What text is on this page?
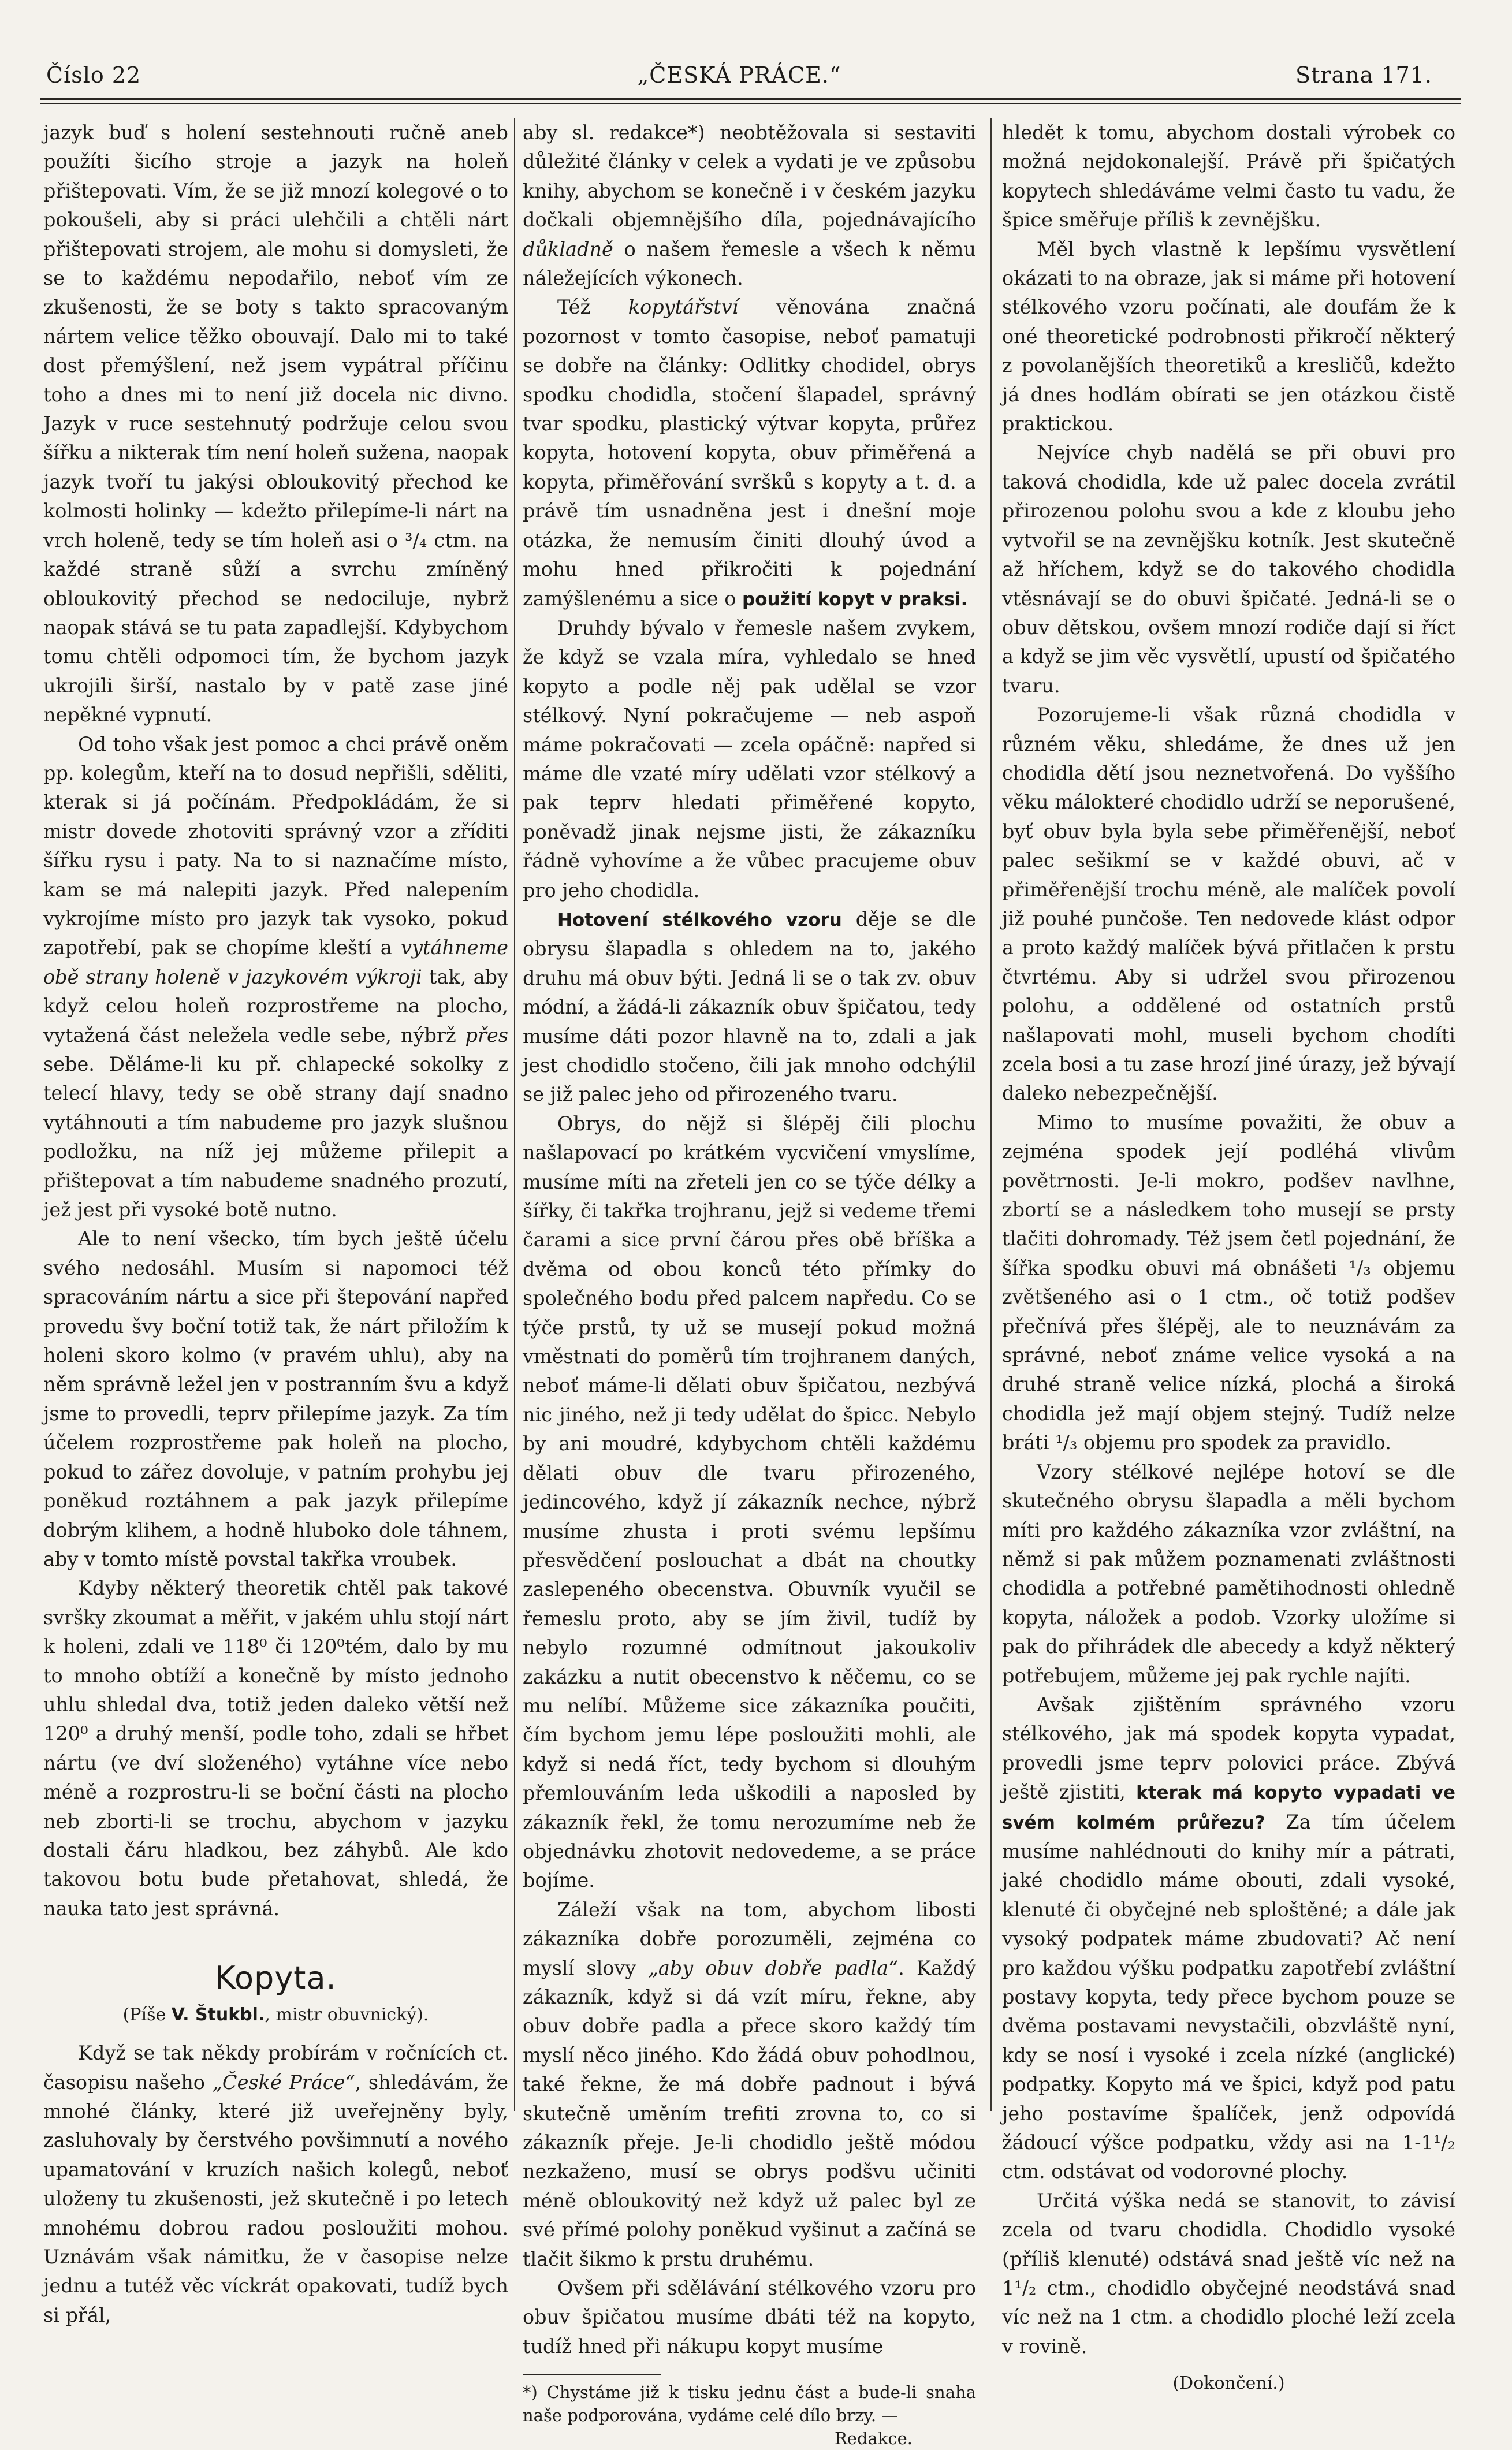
Číslo 22	„ČESKÁ PRÁCE.“	Strana 171.

jazyk buď s holení sestehnouti ručně aneb použíti šicího stroje a jazyk na holeň přištepovati. Vím, že se již mnozí kolegové o to pokoušeli, aby si práci ulehčili a chtěli nárt přištepovati strojem, ale mohu si domysleti, že se to každému nepodařilo, neboť vím ze zkušenosti, že se boty s takto spracovaným nártem velice těžko obouvají. Dalo mi to také dost přemýšlení, než jsem vypátral příčinu toho a dnes mi to není již docela nic divno. Jazyk v ruce sestehnutý podržuje celou svou šířku a nikterak tím není holeň sužena, naopak jazyk tvoří tu jakýsi obloukovitý přechod ke kolmosti holinky — kdežto přilepíme-li nárt na vrch holeně, tedy se tím holeň asi o ³/₄ ctm. na každé straně sůží a svrchu zmíněný obloukovitý přechod se nedociluje, nybrž naopak stává se tu pata zapadlejší. Kdybychom tomu chtěli odpomoci tím, že bychom jazyk ukrojili širší, nastalo by v patě zase jiné nepěkné vypnutí.

Od toho však jest pomoc a chci právě oněm pp. kolegům, kteří na to dosud nepřišli, sděliti, kterak si já počínám. Předpokládám, že si mistr dovede zhotoviti správný vzor a zříditi šířku rysu i paty. Na to si naznačíme místo, kam se má nalepiti jazyk. Před nalepením vykrojíme místo pro jazyk tak vysoko, pokud zapotřebí, pak se chopíme kleští a vytáhneme obě strany holeně v jazykovém výkroji tak, aby když celou holeň rozprostřeme na plocho, vytažená část neležela vedle sebe, nýbrž přes sebe. Děláme-li ku př. chlapecké sokolky z telecí hlavy, tedy se obě strany dají snadno vytáhnouti a tím nabudeme pro jazyk slušnou podložku, na níž jej můžeme přilepit a přištepovat a tím nabudeme snadného prozutí, jež jest při vysoké botě nutno.

Ale to není všecko, tím bych ještě účelu svého nedosáhl. Musím si napomoci též spracováním nártu a sice při štepování napřed provedu švy boční totiž tak, že nárt přiložím k holeni skoro kolmo (v pravém uhlu), aby na něm správně ležel jen v postranním švu a když jsme to provedli, teprv přilepíme jazyk. Za tím účelem rozprostřeme pak holeň na plocho, pokud to zářez dovoluje, v patním prohybu jej poněkud roztáhnem a pak jazyk přilepíme dobrým klihem, a hodně hluboko dole táhnem, aby v tomto místě povstal takřka vroubek.

Kdyby některý theoretik chtěl pak takové svršky zkoumat a měřit, v jakém uhlu stojí nárt k holeni, zdali ve 118⁰ či 120⁰tém, dalo by mu to mnoho obtíží a konečně by místo jednoho uhlu shledal dva, totiž jeden daleko větší než 120⁰ a druhý menší, podle toho, zdali se hřbet nártu (ve dví složeného) vytáhne více nebo méně a rozprostru-li se boční části na plocho neb zborti-li se trochu, abychom v jazyku dostali čáru hladkou, bez záhybů. Ale kdo takovou botu bude přetahovat, shledá, že nauka tato jest správná.

Kopyta.
(Píše V. Štukbl., mistr obuvnický).

Když se tak někdy probírám v ročnících ct. časopisu našeho „České Práce“, shledávám, že mnohé články, které již uveřejněny byly, zasluhovaly by čerstvého povšimnutí a nového upamatování v kruzích našich kolegů, neboť uloženy tu zkušenosti, jež skutečně i po letech mnohému dobrou radou posloužiti mohou. Uznávám však námitku, že v časopise nelze jednu a tutéž věc víckrát opakovati, tudíž bych si přál,

aby sl. redakce*) neobtěžovala si sestaviti důležité články v celek a vydati je ve způsobu knihy, abychom se konečně i v českém jazyku dočkali objemnějšího díla, pojednávajícího důkladně o našem řemesle a všech k němu náležejících výkonech.

Též kopytářství věnována značná pozornost v tomto časopise, neboť pamatuji se dobře na články: Odlitky chodidel, obrys spodku chodidla, stočení šlapadel, správný tvar spodku, plastický výtvar kopyta, průřez kopyta, hotovení kopyta, obuv přiměřená a kopyta, přiměřování svršků s kopyty a t. d. a právě tím usnadněna jest i dnešní moje otázka, že nemusím činiti dlouhý úvod a mohu hned přikročiti k pojednání zamýšlenému a sice o použití kopyt v praksi.

Druhdy bývalo v řemesle našem zvykem, že když se vzala míra, vyhledalo se hned kopyto a podle něj pak udělal se vzor stélkový. Nyní pokračujeme — neb aspoň máme pokračovati — zcela opáčně: napřed si máme dle vzaté míry udělati vzor stélkový a pak teprv hledati přiměřené kopyto, poněvadž jinak nejsme jisti, že zákazníku řádně vyhovíme a že vůbec pracujeme obuv pro jeho chodidla.

Hotovení stélkového vzoru děje se dle obrysu šlapadla s ohledem na to, jakého druhu má obuv býti. Jedná li se o tak zv. obuv módní, a žádá-li zákazník obuv špičatou, tedy musíme dáti pozor hlavně na to, zdali a jak jest chodidlo stočeno, čili jak mnoho odchýlil se již palec jeho od přirozeného tvaru.

Obrys, do nějž si šlépěj čili plochu našlapovací po krátkém vycvičení vmyslíme, musíme míti na zřeteli jen co se týče délky a šířky, či takřka trojhranu, jejž si vedeme třemi čarami a sice první čárou přes obě bříška a dvěma od obou konců této přímky do společného bodu před palcem napředu. Co se týče prstů, ty už se musejí pokud možná vměstnati do poměrů tím trojhranem daných, neboť máme-li dělati obuv špičatou, nezbývá nic jiného, než ji tedy udělat do špicc. Nebylo by ani moudré, kdybychom chtěli každému dělati obuv dle tvaru přirozeného, jedincového, když jí zákazník nechce, nýbrž musíme zhusta i proti svému lepšímu přesvědčení poslouchat a dbát na choutky zaslepeného obecenstva. Obuvník vyučil se řemeslu proto, aby se jím živil, tudíž by nebylo rozumné odmítnout jakoukoliv zakázku a nutit obecenstvo k něčemu, co se mu nelíbí. Můžeme sice zákazníka poučiti, čím bychom jemu lépe posloužiti mohli, ale když si nedá říct, tedy bychom si dlouhým přemlouváním leda uškodili a naposled by zákazník řekl, že tomu nerozumíme neb že objednávku zhotovit nedovedeme, a se práce bojíme.

Záleží však na tom, abychom libosti zákazníka dobře porozuměli, zejména co myslí slovy „aby obuv dobře padla“. Každý zákazník, když si dá vzít míru, řekne, aby obuv dobře padla a přece skoro každý tím myslí něco jiného. Kdo žádá obuv pohodlnou, také řekne, že má dobře padnout i bývá skutečně uměním trefiti zrovna to, co si zákazník přeje. Je-li chodidlo ještě módou nezkaženo, musí se obrys podšvu učiniti méně obloukovitý než když už palec byl ze své přímé polohy poněkud vyšinut a začíná se tlačit šikmo k prstu druhému.

Ovšem při sdělávání stélkového vzoru pro obuv špičatou musíme dbáti též na kopyto, tudíž hned při nákupu kopyt musíme

*) Chystáme již k tisku jednu část a bude-li snaha naše podporována, vydáme celé dílo brzy. —
Redakce.

hledět k tomu, abychom dostali výrobek co možná nejdokonalejší. Právě při špičatých kopytech shledáváme velmi často tu vadu, že špice směřuje příliš k zevnějšku.

Měl bych vlastně k lepšímu vysvětlení okázati to na obraze, jak si máme při hotovení stélkového vzoru počínati, ale doufám že k oné theoretické podrobnosti přikročí některý z povolanějších theoretiků a kresličů, kdežto já dnes hodlám obírati se jen otázkou čistě praktickou.

Nejvíce chyb nadělá se při obuvi pro taková chodidla, kde už palec docela zvrátil přirozenou polohu svou a kde z kloubu jeho vytvořil se na zevnějšku kotník. Jest skutečně až hříchem, když se do takového chodidla vtěsnávají se do obuvi špičaté. Jedná-li se o obuv dětskou, ovšem mnozí rodiče dají si říct a když se jim věc vysvětlí, upustí od špičatého tvaru.

Pozorujeme-li však různá chodidla v různém věku, shledáme, že dnes už jen chodidla dětí jsou neznetvořená. Do vyššího věku málokteré chodidlo udrží se neporušené, byť obuv byla byla sebe přiměřenější, neboť palec sešikmí se v každé obuvi, ač v přiměřenější trochu méně, ale malíček povolí již pouhé punčoše. Ten nedovede klást odpor a proto každý malíček bývá přitlačen k prstu čtvrtému. Aby si udržel svou přirozenou polohu, a oddělené od ostatních prstů našlapovati mohl, museli bychom chodíti zcela bosi a tu zase hrozí jiné úrazy, jež bývají daleko nebezpečnější.

Mimo to musíme považiti, že obuv a zejména spodek její podléhá vlivům povětrnosti. Je-li mokro, podšev navlhne, zbortí se a následkem toho musejí se prsty tlačiti dohromady. Též jsem četl pojednání, že šířka spodku obuvi má obnášeti ¹/₃ objemu zvětšeného asi o 1 ctm., oč totiž podšev přečnívá přes šlépěj, ale to neuznávám za správné, neboť známe velice vysoká a na druhé straně velice nízká, plochá a široká chodidla jež mají objem stejný. Tudíž nelze bráti ¹/₃ objemu pro spodek za pravidlo.

Vzory stélkové nejlépe hotoví se dle skutečného obrysu šlapadla a měli bychom míti pro každého zákazníka vzor zvláštní, na němž si pak můžem poznamenati zvláštnosti chodidla a potřebné pamětihodnosti ohledně kopyta, náložek a podob. Vzorky uložíme si pak do přihrádek dle abecedy a když některý potřebujem, můžeme jej pak rychle najíti.

Avšak zjištěním správného vzoru stélkového, jak má spodek kopyta vypadat, provedli jsme teprv polovici práce. Zbývá ještě zjistiti, kterak má kopyto vypadati ve svém kolmém průřezu? Za tím účelem musíme nahlédnouti do knihy mír a pátrati, jaké chodidlo máme obouti, zdali vysoké, klenuté či obyčejné neb sploštěné; a dále jak vysoký podpatek máme zbudovati? Ač není pro každou výšku podpatku zapotřebí zvláštní postavy kopyta, tedy přece bychom pouze se dvěma postavami nevystačili, obzvláště nyní, kdy se nosí i vysoké i zcela nízké (anglické) podpatky. Kopyto má ve špici, když pod patu jeho postavíme špalíček, jenž odpovídá žádoucí výšce podpatku, vždy asi na 1-1¹/₂ ctm. odstávat od vodorovné plochy.

Určitá výška nedá se stanovit, to závisí zcela od tvaru chodidla. Chodidlo vysoké (příliš klenuté) odstává snad ještě víc než na 1¹/₂ ctm., chodidlo obyčejné neodstává snad víc než na 1 ctm. a chodidlo ploché leží zcela v rovině.

(Dokončení.)
